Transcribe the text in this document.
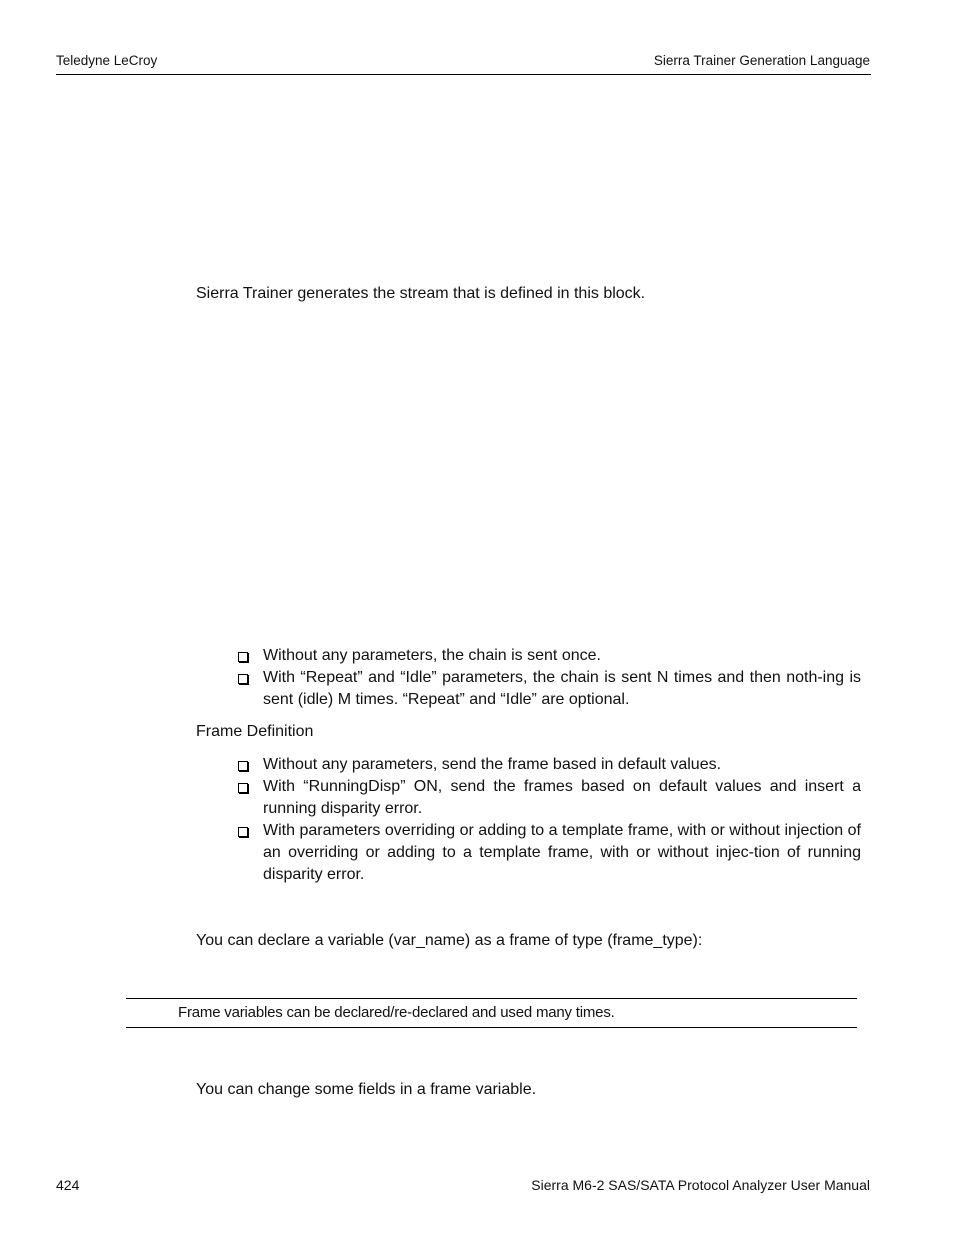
Teledyne LeCroy	Sierra Trainer Generation Language
Sierra Trainer generates the stream that is defined in this block.
Without any parameters, the chain is sent once.
With “Repeat” and “Idle” parameters, the chain is sent N times and then noth-ing is sent (idle) M times. “Repeat” and “Idle” are optional.
Frame Definition
Without any parameters, send the frame based in default values.
With “RunningDisp” ON, send the frames based on default values and insert a running disparity error.
With parameters overriding or adding to a template frame, with or without injection of an overriding or adding to a template frame, with or without injec-tion of running disparity error.
You can declare a variable (var_name) as a frame of type (frame_type):
Frame variables can be declared/re-declared and used many times.
You can change some fields in a frame variable.
424	Sierra M6-2 SAS/SATA Protocol Analyzer User Manual
